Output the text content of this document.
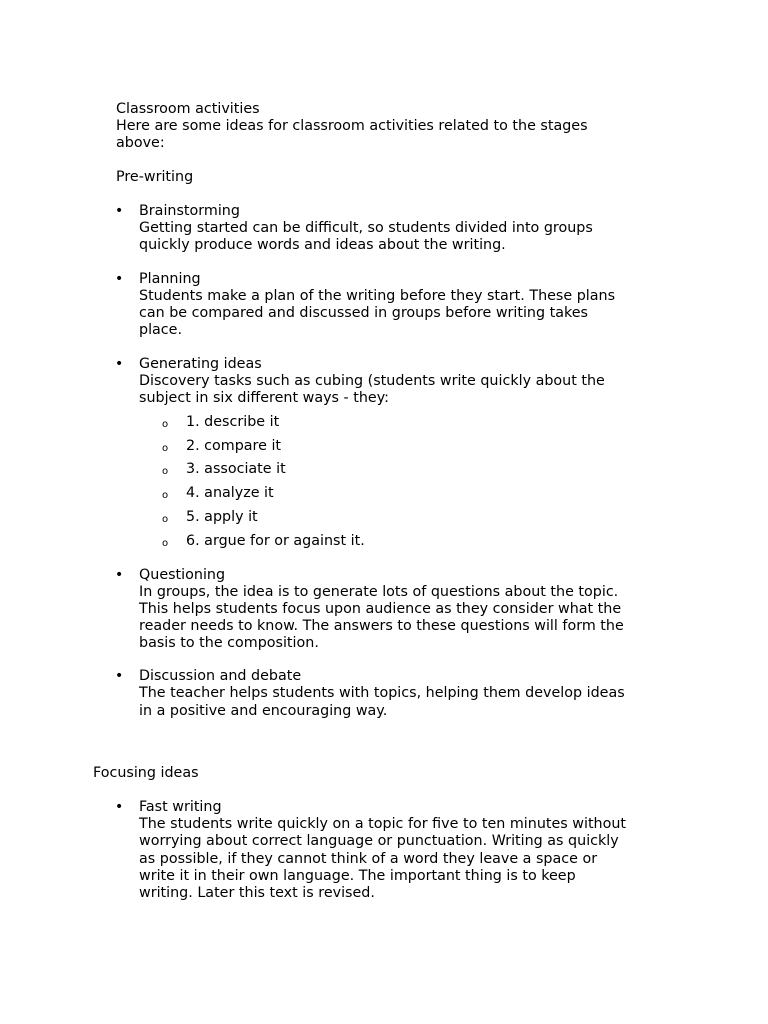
Classroom activities
Here are some ideas for classroom activities related to the stages
above:
Pre-writing
• Brainstorming
Getting started can be difficult, so students divided into groups
quickly produce words and ideas about the writing.
• Planning
Students make a plan of the writing before they start. These plans
can be compared and discussed in groups before writing takes
place.
• Generating ideas
Discovery tasks such as cubing (students write quickly about the
subject in six different ways - they:
o 1. describe it
o 2. compare it
o 3. associate it
o 4. analyze it
o 5. apply it
o 6. argue for or against it.
• Questioning
In groups, the idea is to generate lots of questions about the topic.
This helps students focus upon audience as they consider what the
reader needs to know. The answers to these questions will form the
basis to the composition.
• Discussion and debate
The teacher helps students with topics, helping them develop ideas
in a positive and encouraging way.
Focusing ideas
• Fast writing
The students write quickly on a topic for five to ten minutes without
worrying about correct language or punctuation. Writing as quickly
as possible, if they cannot think of a word they leave a space or
write it in their own language. The important thing is to keep
writing. Later this text is revised.
